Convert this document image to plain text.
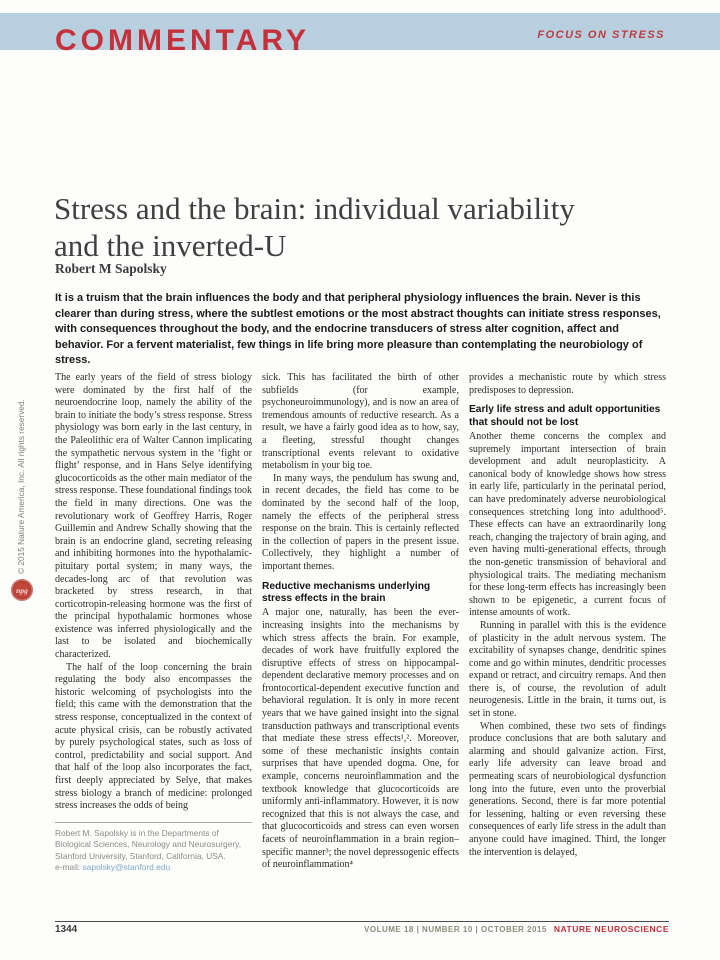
COMMENTARY	FOCUS ON STRESS
Stress and the brain: individual variability
and the inverted-U
Robert M Sapolsky
It is a truism that the brain influences the body and that peripheral physiology influences the brain. Never is this clearer than during stress, where the subtlest emotions or the most abstract thoughts can initiate stress responses, with consequences throughout the body, and the endocrine transducers of stress alter cognition, affect and behavior. For a fervent materialist, few things in life bring more pleasure than contemplating the neurobiology of stress.

The early years of the field of stress biology were dominated by the first half of the neuroendocrine loop, namely the ability of the brain to initiate the body’s stress response. Stress physiology was born early in the last century, in the Paleolithic era of Walter Cannon implicating the sympathetic nervous system in the ‘fight or flight’ response, and in Hans Selye identifying glucocorticoids as the other main mediator of the stress response. These foundational findings took the field in many directions. One was the revolutionary work of Geoffrey Harris, Roger Guillemin and Andrew Schally showing that the brain is an endocrine gland, secreting releasing and inhibiting hormones into the hypothalamic-pituitary portal system; in many ways, the decades-long arc of that revolution was bracketed by stress research, in that corticotropin-releasing hormone was the first of the principal hypothalamic hormones whose existence was inferred physiologically and the last to be isolated and biochemically characterized.

The half of the loop concerning the brain regulating the body also encompasses the historic welcoming of psychologists into the field; this came with the demonstration that the stress response, conceptualized in the context of acute physical crisis, can be robustly activated by purely psychological states, such as loss of control, predictability and social support. And that half of the loop also incorporates the fact, first deeply appreciated by Selye, that makes stress biology a branch of medicine: prolonged stress increases the odds of being

Robert M. Sapolsky is in the Departments of Biological Sciences, Neurology and Neurosurgery, Stanford University, Stanford, California, USA.
e-mail: sapolsky@stanford.edu

sick. This has facilitated the birth of other subfields (for example, psychoneuroimmunology), and is now an area of tremendous amounts of reductive research. As a result, we have a fairly good idea as to how, say, a fleeting, stressful thought changes transcriptional events relevant to oxidative metabolism in your big toe.

In many ways, the pendulum has swung and, in recent decades, the field has come to be dominated by the second half of the loop, namely the effects of the peripheral stress response on the brain. This is certainly reflected in the collection of papers in the present issue. Collectively, they highlight a number of important themes.

Reductive mechanisms underlying stress effects in the brain

A major one, naturally, has been the ever-increasing insights into the mechanisms by which stress affects the brain. For example, decades of work have fruitfully explored the disruptive effects of stress on hippocampal-dependent declarative memory processes and on frontocortical-dependent executive function and behavioral regulation. It is only in more recent years that we have gained insight into the signal transduction pathways and transcriptional events that mediate these stress effects¹,². Moreover, some of these mechanistic insights contain surprises that have upended dogma. One, for example, concerns neuroinflammation and the textbook knowledge that glucocorticoids are uniformly anti-inflammatory. However, it is now recognized that this is not always the case, and that glucocorticoids and stress can even worsen facets of neuroinflammation in a brain region–specific manner³; the novel depressogenic effects of neuroinflammation⁴

provides a mechanistic route by which stress predisposes to depression.

Early life stress and adult opportunities that should not be lost

Another theme concerns the complex and supremely important intersection of brain development and adult neuroplasticity. A canonical body of knowledge shows how stress in early life, particularly in the perinatal period, can have predominately adverse neurobiological consequences stretching long into adulthood⁵. These effects can have an extraordinarily long reach, changing the trajectory of brain aging, and even having multi-generational effects, through the non-genetic transmission of behavioral and physiological traits. The mediating mechanism for these long-term effects has increasingly been shown to be epigenetic, a current focus of intense amounts of work.

Running in parallel with this is the evidence of plasticity in the adult nervous system. The excitability of synapses change, dendritic spines come and go within minutes, dendritic processes expand or retract, and circuitry remaps. And then there is, of course, the revolution of adult neurogenesis. Little in the brain, it turns out, is set in stone.

When combined, these two sets of findings produce conclusions that are both salutary and alarming and should galvanize action. First, early life adversity can leave broad and permeating scars of neurobiological dysfunction long into the future, even unto the proverbial generations. Second, there is far more potential for lessening, halting or even reversing these consequences of early life stress in the adult than anyone could have imagined. Third, the longer the intervention is delayed,

© 2015 Nature America, Inc. All rights reserved.
npg
1344	VOLUME 18 | NUMBER 10 | OCTOBER 2015 NATURE NEUROSCIENCE
